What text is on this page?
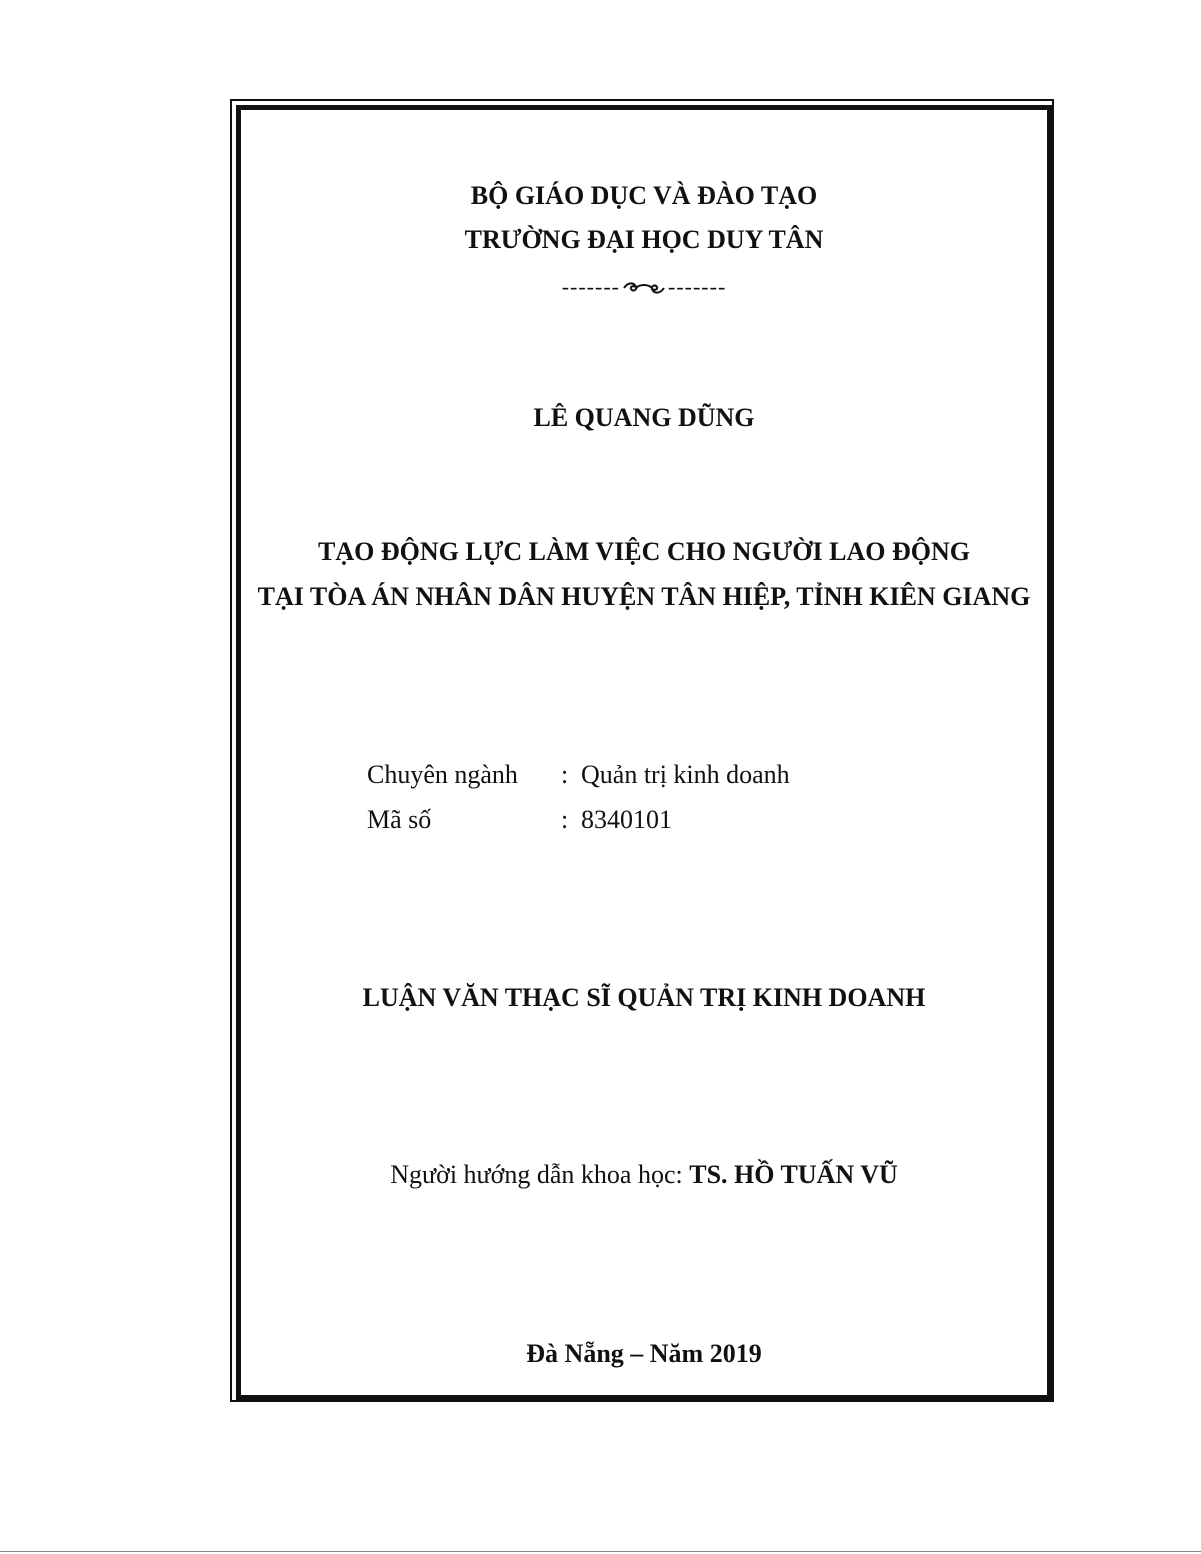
BỘ GIÁO DỤC VÀ ĐÀO TẠO
TRƯỜNG ĐẠI HỌC DUY TÂN
------- -------
LÊ QUANG DŨNG
TẠO ĐỘNG LỰC LÀM VIỆC CHO NGƯỜI LAO ĐỘNG
TẠI TÒA ÁN NHÂN DÂN HUYỆN TÂN HIỆP, TỈNH KIÊN GIANG
Chuyên ngành : Quản trị kinh doanh
Mã số	: 8340101
LUẬN VĂN THẠC SĨ QUẢN TRỊ KINH DOANH
Người hướng dẫn khoa học: TS. HỒ TUẤN VŨ
Đà Nẵng – Năm 2019
